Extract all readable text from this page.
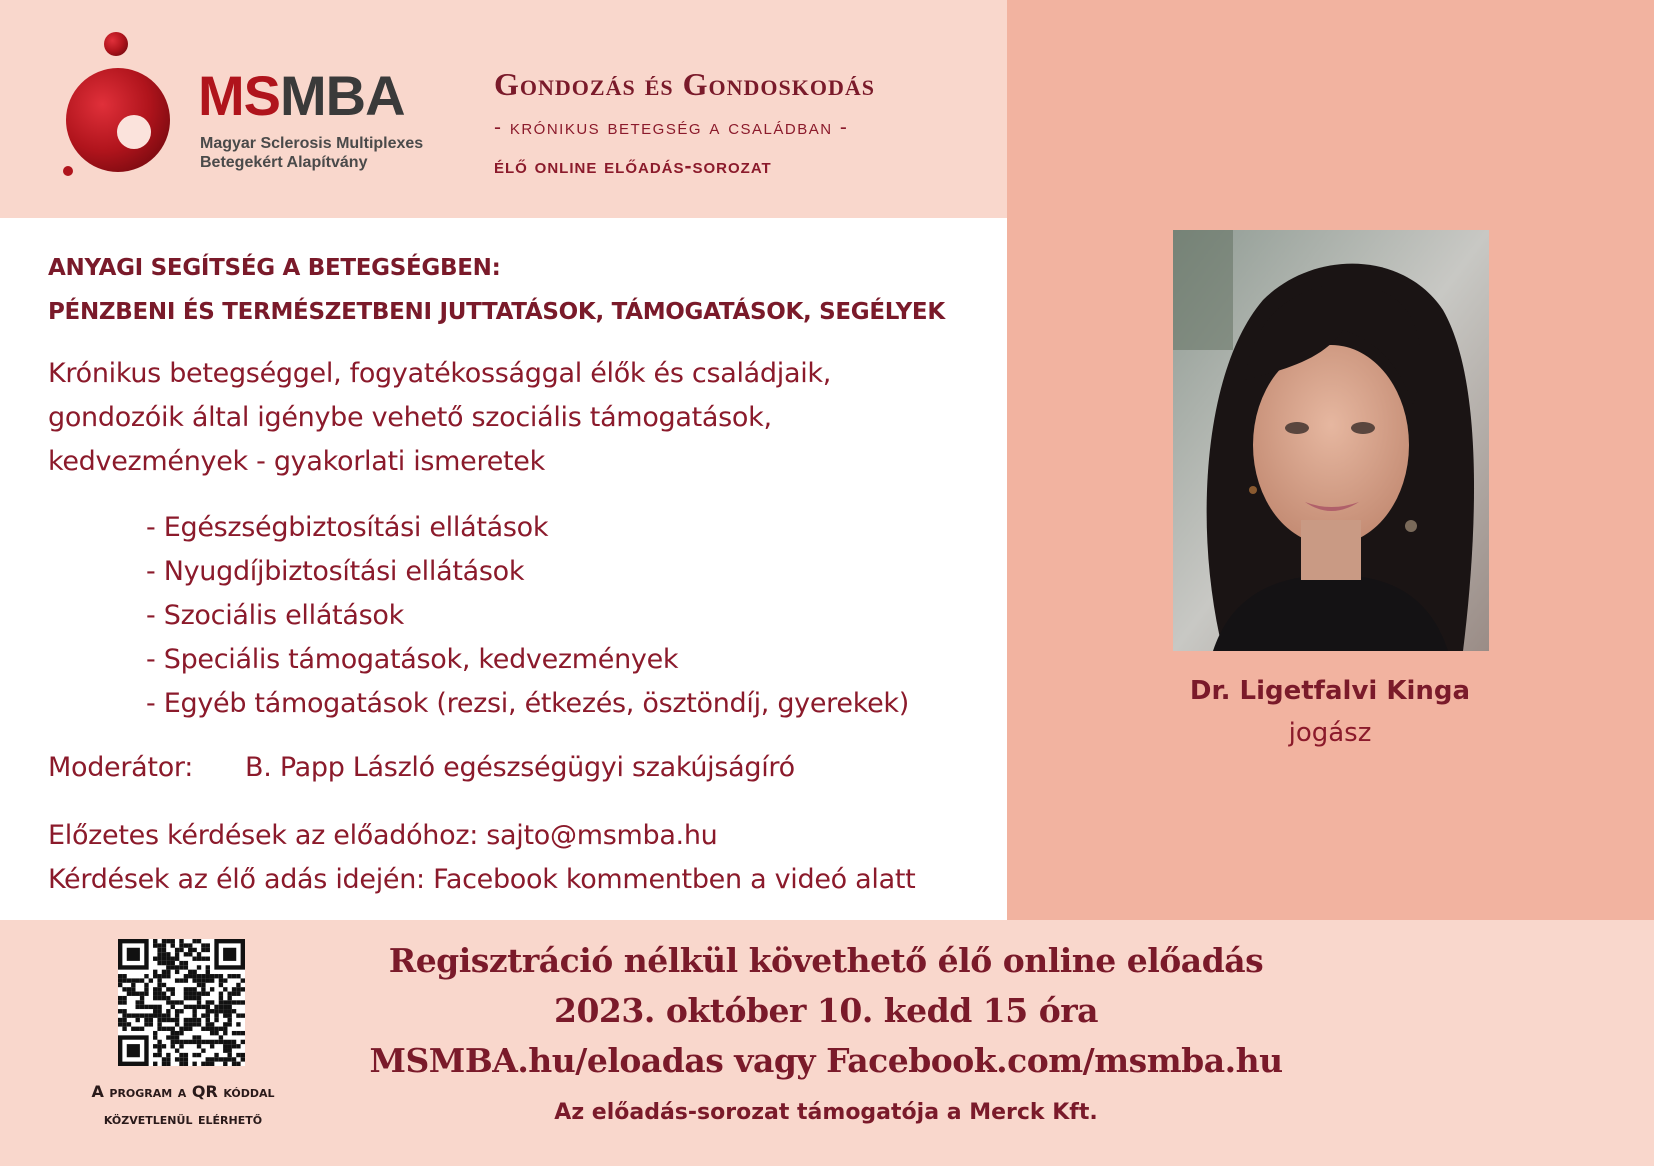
MSMBA
Magyar Sclerosis Multiplexes
Betegekért Alapítvány
Gondozás és Gondoskodás
- krónikus betegség a családban -
élő online előadás-sorozat
ANYAGI SEGÍTSÉG A BETEGSÉGBEN:
PÉNZBENI ÉS TERMÉSZETBENI JUTTATÁSOK, TÁMOGATÁSOK, SEGÉLYEK
Krónikus betegséggel, fogyatékossággal élők és családjaik,
gondozóik által igénybe vehető szociális támogatások,
kedvezmények - gyakorlati ismeretek
- Egészségbiztosítási ellátások
- Nyugdíjbiztosítási ellátások
- Szociális ellátások
- Speciális támogatások, kedvezmények
- Egyéb támogatások (rezsi, étkezés, ösztöndíj, gyerekek)
Moderátor: B. Papp László egészségügyi szakújságíró
Előzetes kérdések az előadóhoz: sajto@msmba.hu
Kérdések az élő adás idején: Facebook kommentben a videó alatt
Dr. Ligetfalvi Kinga
jogász
A program a QR kóddal
közvetlenül elérhető
Regisztráció nélkül követhető élő online előadás
2023. október 10. kedd 15 óra
MSMBA.hu/eloadas vagy Facebook.com/msmba.hu
Az előadás-sorozat támogatója a Merck Kft.
